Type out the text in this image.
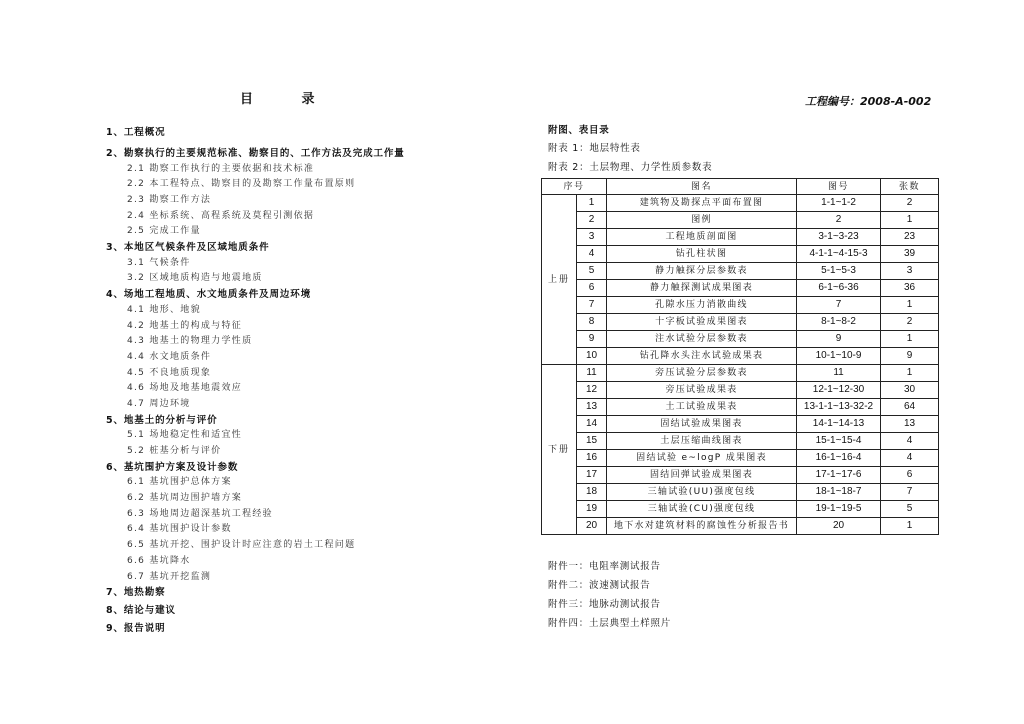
目　　录	工程编号：2008-A-002
1、工程概况
2、勘察执行的主要规范标准、勘察目的、工作方法及完成工作量
2.1 勘察工作执行的主要依据和技术标准
2.2 本工程特点、勘察目的及勘察工作量布置原则
2.3 勘察工作方法
2.4 坐标系统、高程系统及莫程引测依据
2.5 完成工作量
3、本地区气候条件及区域地质条件
3.1 气候条件
3.2 区域地质构造与地震地质
4、场地工程地质、水文地质条件及周边环境
4.1 地形、地貌
4.2 地基土的构成与特征
4.3 地基土的物理力学性质
4.4 水文地质条件
4.5 不良地质现象
4.6 场地及地基地震效应
4.7 周边环境
5、地基土的分析与评价
5.1 场地稳定性和适宜性
5.2 桩基分析与评价
6、基坑围护方案及设计参数
6.1 基坑围护总体方案
6.2 基坑周边围护墙方案
6.3 场地周边超深基坑工程经验
6.4 基坑围护设计参数
6.5 基坑开挖、围护设计时应注意的岩土工程问题
6.6 基坑降水
6.7 基坑开挖监测
7、地热勘察
8、结论与建议
9、报告说明
附图、表目录
附表 1：地层特性表
附表 2：土层物理、力学性质参数表
序号		图名	图号	张数
上册	1	建筑物及勘探点平面布置图	1-1~1-2	2
	2	图例	2	1
	3	工程地质剖面图	3-1~3-23	23
	4	钻孔柱状图	4-1-1~4-15-3	39
	5	静力触探分层参数表	5-1~5-3	3
	6	静力触探测试成果图表	6-1~6-36	36
	7	孔隙水压力消散曲线	7	1
	8	十字板试验成果图表	8-1~8-2	2
	9	注水试验分层参数表	9	1
	10	钻孔降水头注水试验成果表	10-1~10-9	9
下册	11	旁压试验分层参数表	11	1
	12	旁压试验成果表	12-1~12-30	30
	13	土工试验成果表	13-1-1~13-32-2	64
	14	固结试验成果图表	14-1~14-13	13
	15	土层压缩曲线图表	15-1~15-4	4
	16	固结试验 e~logP 成果图表	16-1~16-4	4
	17	固结回弹试验成果图表	17-1~17-6	6
	18	三轴试验(UU)强度包线	18-1~18-7	7
	19	三轴试验(CU)强度包线	19-1~19-5	5
	20	地下水对建筑材料的腐蚀性分析报告书	20	1
附件一：电阻率测试报告
附件二：波速测试报告
附件三：地脉动测试报告
附件四：土层典型土样照片
